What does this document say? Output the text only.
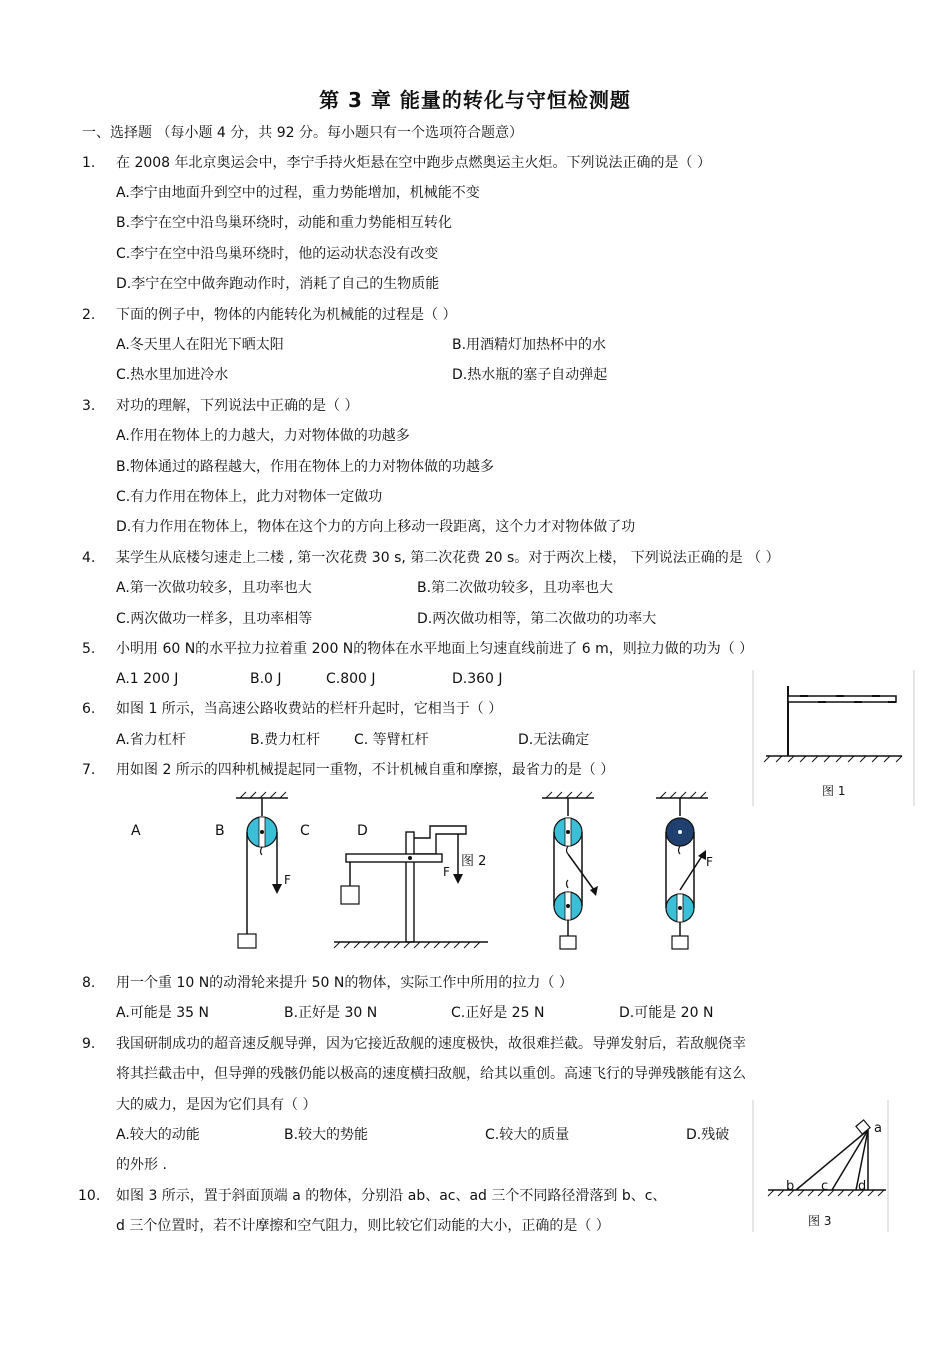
第 3 章 能量的转化与守恒检测题
一、选择题 （每小题 4 分，共 92 分。每小题只有一个选项符合题意）
1. 在 2008 年北京奥运会中，李宁手持火炬悬在空中跑步点燃奥运主火炬。下列说法正确的是（ ）
A.李宁由地面升到空中的过程，重力势能增加，机械能不变
B.李宁在空中沿鸟巢环绕时，动能和重力势能相互转化
C.李宁在空中沿鸟巢环绕时，他的运动状态没有改变
D.李宁在空中做奔跑动作时，消耗了自己的生物质能
2. 下面的例子中，物体的内能转化为机械能的过程是（ ）
A.冬天里人在阳光下晒太阳	B.用酒精灯加热杯中的水
C.热水里加进冷水	D.热水瓶的塞子自动弹起
3. 对功的理解，下列说法中正确的是（ ）
A.作用在物体上的力越大，力对物体做的功越多
B.物体通过的路程越大，作用在物体上的力对物体做的功越多
C.有力作用在物体上，此力对物体一定做功
D.有力作用在物体上，物体在这个力的方向上移动一段距离，这个力才对物体做了功
4. 某学生从底楼匀速走上二楼 , 第一次花费 30 s, 第二次花费 20 s。对于两次上楼， 下列说法正确的是 （ ）
A.第一次做功较多，且功率也大	B.第二次做功较多，且功率也大
C.两次做功一样多，且功率相等	D.两次做功相等，第二次做功的功率大
5. 小明用 60 N的水平拉力拉着重 200 N的物体在水平地面上匀速直线前进了 6 m，则拉力做的功为（ ）
A.1 200 J	B.0 J	C.800 J	D.360 J
6. 如图 1 所示，当高速公路收费站的栏杆升起时，它相当于（ ）
A.省力杠杆	B.费力杠杆 C. 等臂杠杆	D.无法确定
7. 用如图 2 所示的四种机械提起同一重物，不计机械自重和摩擦，最省力的是（ ）
图 1
A	B	C	D
图 2
F
F
F
8. 用一个重 10 N的动滑轮来提升 50 N的物体，实际工作中所用的拉力（ ）
A.可能是 35 N	B.正好是 30 N	C.正好是 25 N	D.可能是 20 N
9. 我国研制成功的超音速反舰导弹，因为它接近敌舰的速度极快，故很难拦截。导弹发射后，若敌舰侥幸
将其拦截击中，但导弹的残骸仍能以极高的速度横扫敌舰，给其以重创。高速飞行的导弹残骸能有这么
大的威力，是因为它们具有（ ）
A.较大的动能	B.较大的势能	C.较大的质量	D.残破
的外形 .
10. 如图 3 所示，置于斜面顶端 a 的物体，分别沿 ab、ac、ad 三个不同路径滑落到 b、c、
d 三个位置时，若不计摩擦和空气阻力，则比较它们动能的大小，正确的是（ ）
a
b c d
图 3
